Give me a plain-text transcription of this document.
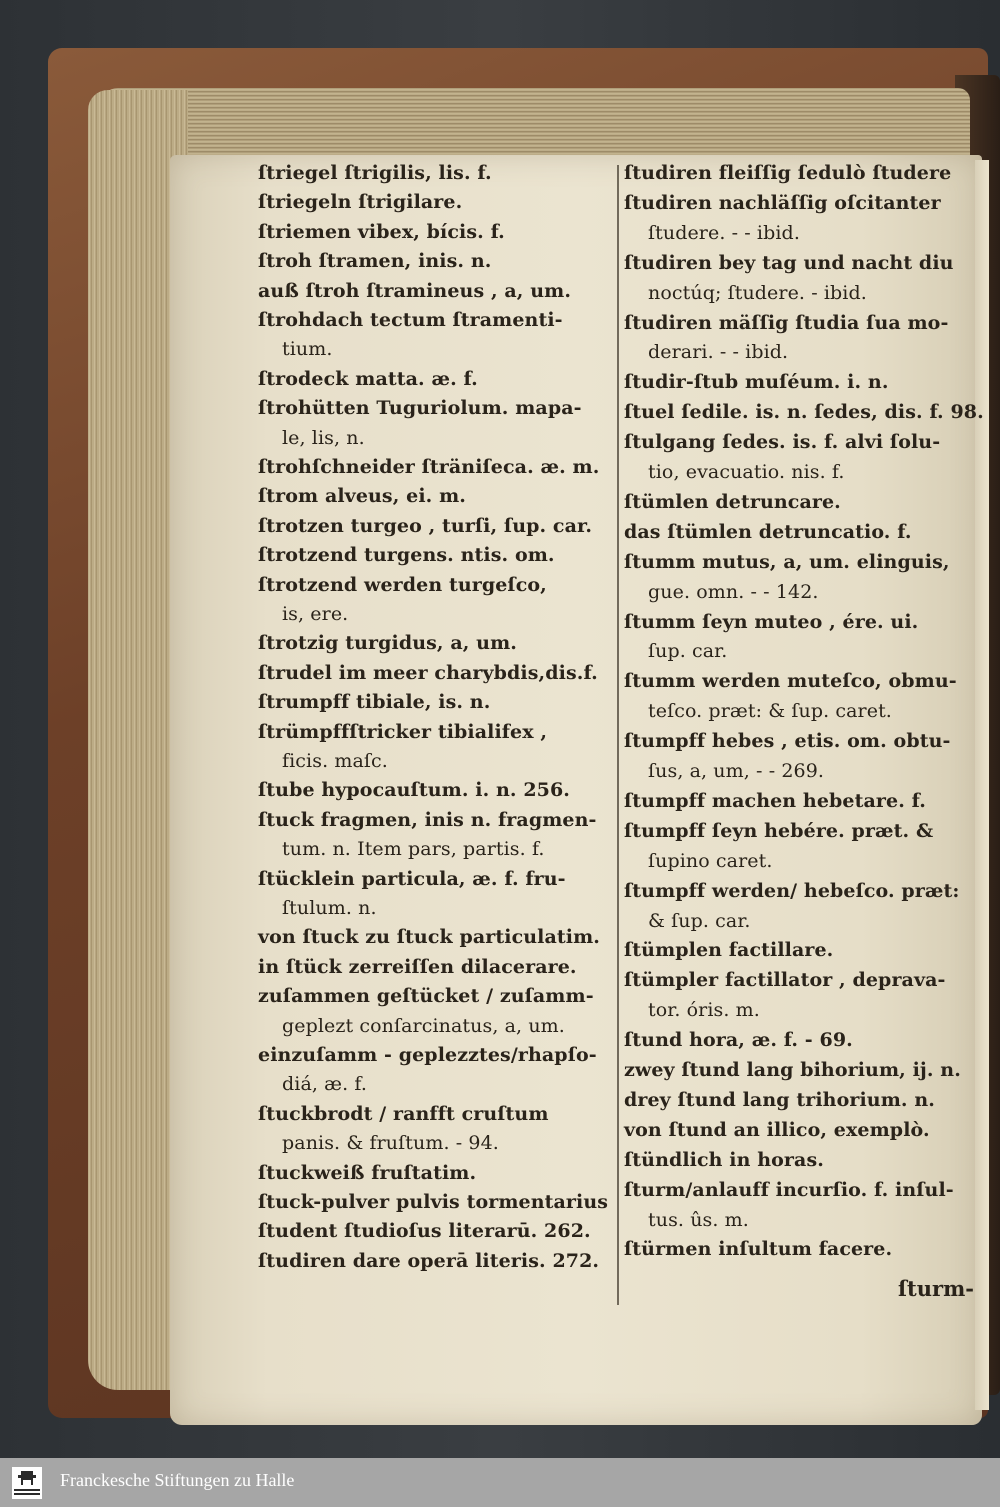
ſtriegel ſtrigilis, lis. f.
ſtriegeln ſtrigilare.
ſtriemen vibex, bícis. f.
ſtroh ſtramen, inis. n.
auß ſtroh ſtramineus , a, um.
ſtrohdach tectum ſtramenti-
tium.
ſtrodeck matta. æ. f.
ſtrohütten Tuguriolum. mapa-
le, lis, n.
ſtrohſchneider ſträniſeca. æ. m.
ſtrom alveus, ei. m.
ſtrotzen turgeo , turſi, ſup. car.
ſtrotzend turgens. ntis. om.
ſtrotzend werden turgeſco,
is, ere.
ſtrotzig turgidus, a, um.
ſtrudel im meer charybdis,dis.f.
ſtrumpff tibiale, is. n.
ſtrümpffſtricker tibialifex ,
ficis. maſc.
ſtube hypocauſtum. i. n. 256.
ſtuck fragmen, inis n. fragmen-
tum. n. Item pars, partis. f.
ſtücklein particula, æ. f. fru-
ſtulum. n.
von ſtuck zu ſtuck particulatim.
in ſtück zerreiſſen dilacerare.
zuſammen geſtücket / zuſamm-
geplezt conſarcinatus, a, um.
einzuſamm - geplezztes/rhapſo-
diá, æ. f.
ſtuckbrodt / ranfft cruſtum
panis. & fruſtum. - 94.
ſtuckweiß fruſtatim.
ſtuck-pulver pulvis tormentarius
ſtudent ſtudioſus literarū. 262.
ſtudiren dare operā literis. 272.
ſtudiren fleiſſig ſedulò ſtudere
ſtudiren nachläſſig oſcitanter
ſtudere. - - ibid.
ſtudiren bey tag und nacht diu
noctúq; ſtudere. - ibid.
ſtudiren mäſſig ſtudia ſua mo-
derari. - - ibid.
ſtudir-ſtub muſéum. i. n.
ſtuel ſedile. is. n. ſedes, dis. f. 98.
ſtulgang ſedes. is. f. alvi ſolu-
tio, evacuatio. nis. f.
ſtümlen detruncare.
das ſtümlen detruncatio. f.
ſtumm mutus, a, um. elinguis,
gue. omn. - - 142.
ſtumm ſeyn muteo , ére. ui.
ſup. car.
ſtumm werden muteſco, obmu-
teſco. præt: & ſup. caret.
ſtumpff hebes , etis. om. obtu-
ſus, a, um, - - 269.
ſtumpff machen hebetare. f.
ſtumpff ſeyn hebére. præt. &
ſupino caret.
ſtumpff werden/ hebeſco. præt:
& ſup. car.
ſtümplen factillare.
ſtümpler factillator , deprava-
tor. óris. m.
ſtund hora, æ. f. - 69.
zwey ſtund lang bihorium, ij. n.
drey ſtund lang trihorium. n.
von ſtund an illico, exemplò.
ſtündlich in horas.
ſturm/anlauff incurſio. f. inſul-
tus. ûs. m.
ſtürmen inſultum facere.
ſturm-
Franckesche Stiftungen zu Halle
